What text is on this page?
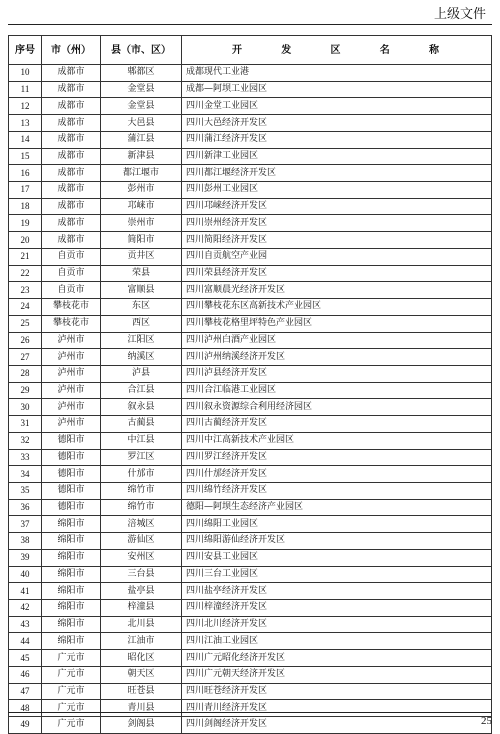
上级文件
序号	市（州）	县（市、区）	开 发 区 名 称

10	成都市	郫都区	成都现代工业港
11	成都市	金堂县	成都—阿坝工业园区
12	成都市	金堂县	四川金堂工业园区
13	成都市	大邑县	四川大邑经济开发区
14	成都市	蒲江县	四川蒲江经济开发区
15	成都市	新津县	四川新津工业园区
16	成都市	都江堰市	四川都江堰经济开发区
17	成都市	彭州市	四川彭州工业园区
18	成都市	邛崃市	四川邛崃经济开发区
19	成都市	崇州市	四川崇州经济开发区
20	成都市	简阳市	四川简阳经济开发区
21	自贡市	贡井区	四川自贡航空产业园
22	自贡市	荣县	四川荣县经济开发区
23	自贡市	富顺县	四川富顺晨光经济开发区
24	攀枝花市	东区	四川攀枝花东区高新技术产业园区
25	攀枝花市	西区	四川攀枝花格里坪特色产业园区
26	泸州市	江阳区	四川泸州白酒产业园区
27	泸州市	纳溪区	四川泸州纳溪经济开发区
28	泸州市	泸县	四川泸县经济开发区
29	泸州市	合江县	四川合江临港工业园区
30	泸州市	叙永县	四川叙永资源综合利用经济园区
31	泸州市	古蔺县	四川古蔺经济开发区
32	德阳市	中江县	四川中江高新技术产业园区
33	德阳市	罗江区	四川罗江经济开发区
34	德阳市	什邡市	四川什邡经济开发区
35	德阳市	绵竹市	四川绵竹经济开发区
36	德阳市	绵竹市	德阳—阿坝生态经济产业园区
37	绵阳市	涪城区	四川绵阳工业园区
38	绵阳市	游仙区	四川绵阳游仙经济开发区
39	绵阳市	安州区	四川安县工业园区
40	绵阳市	三台县	四川三台工业园区
41	绵阳市	盐亭县	四川盐亭经济开发区
42	绵阳市	梓潼县	四川梓潼经济开发区
43	绵阳市	北川县	四川北川经济开发区
44	绵阳市	江油市	四川江油工业园区
45	广元市	昭化区	四川广元昭化经济开发区
46	广元市	朝天区	四川广元朝天经济开发区
47	广元市	旺苍县	四川旺苍经济开发区
48	广元市	青川县	四川青川经济开发区
49	广元市	剑阁县	四川剑阁经济开发区	25
